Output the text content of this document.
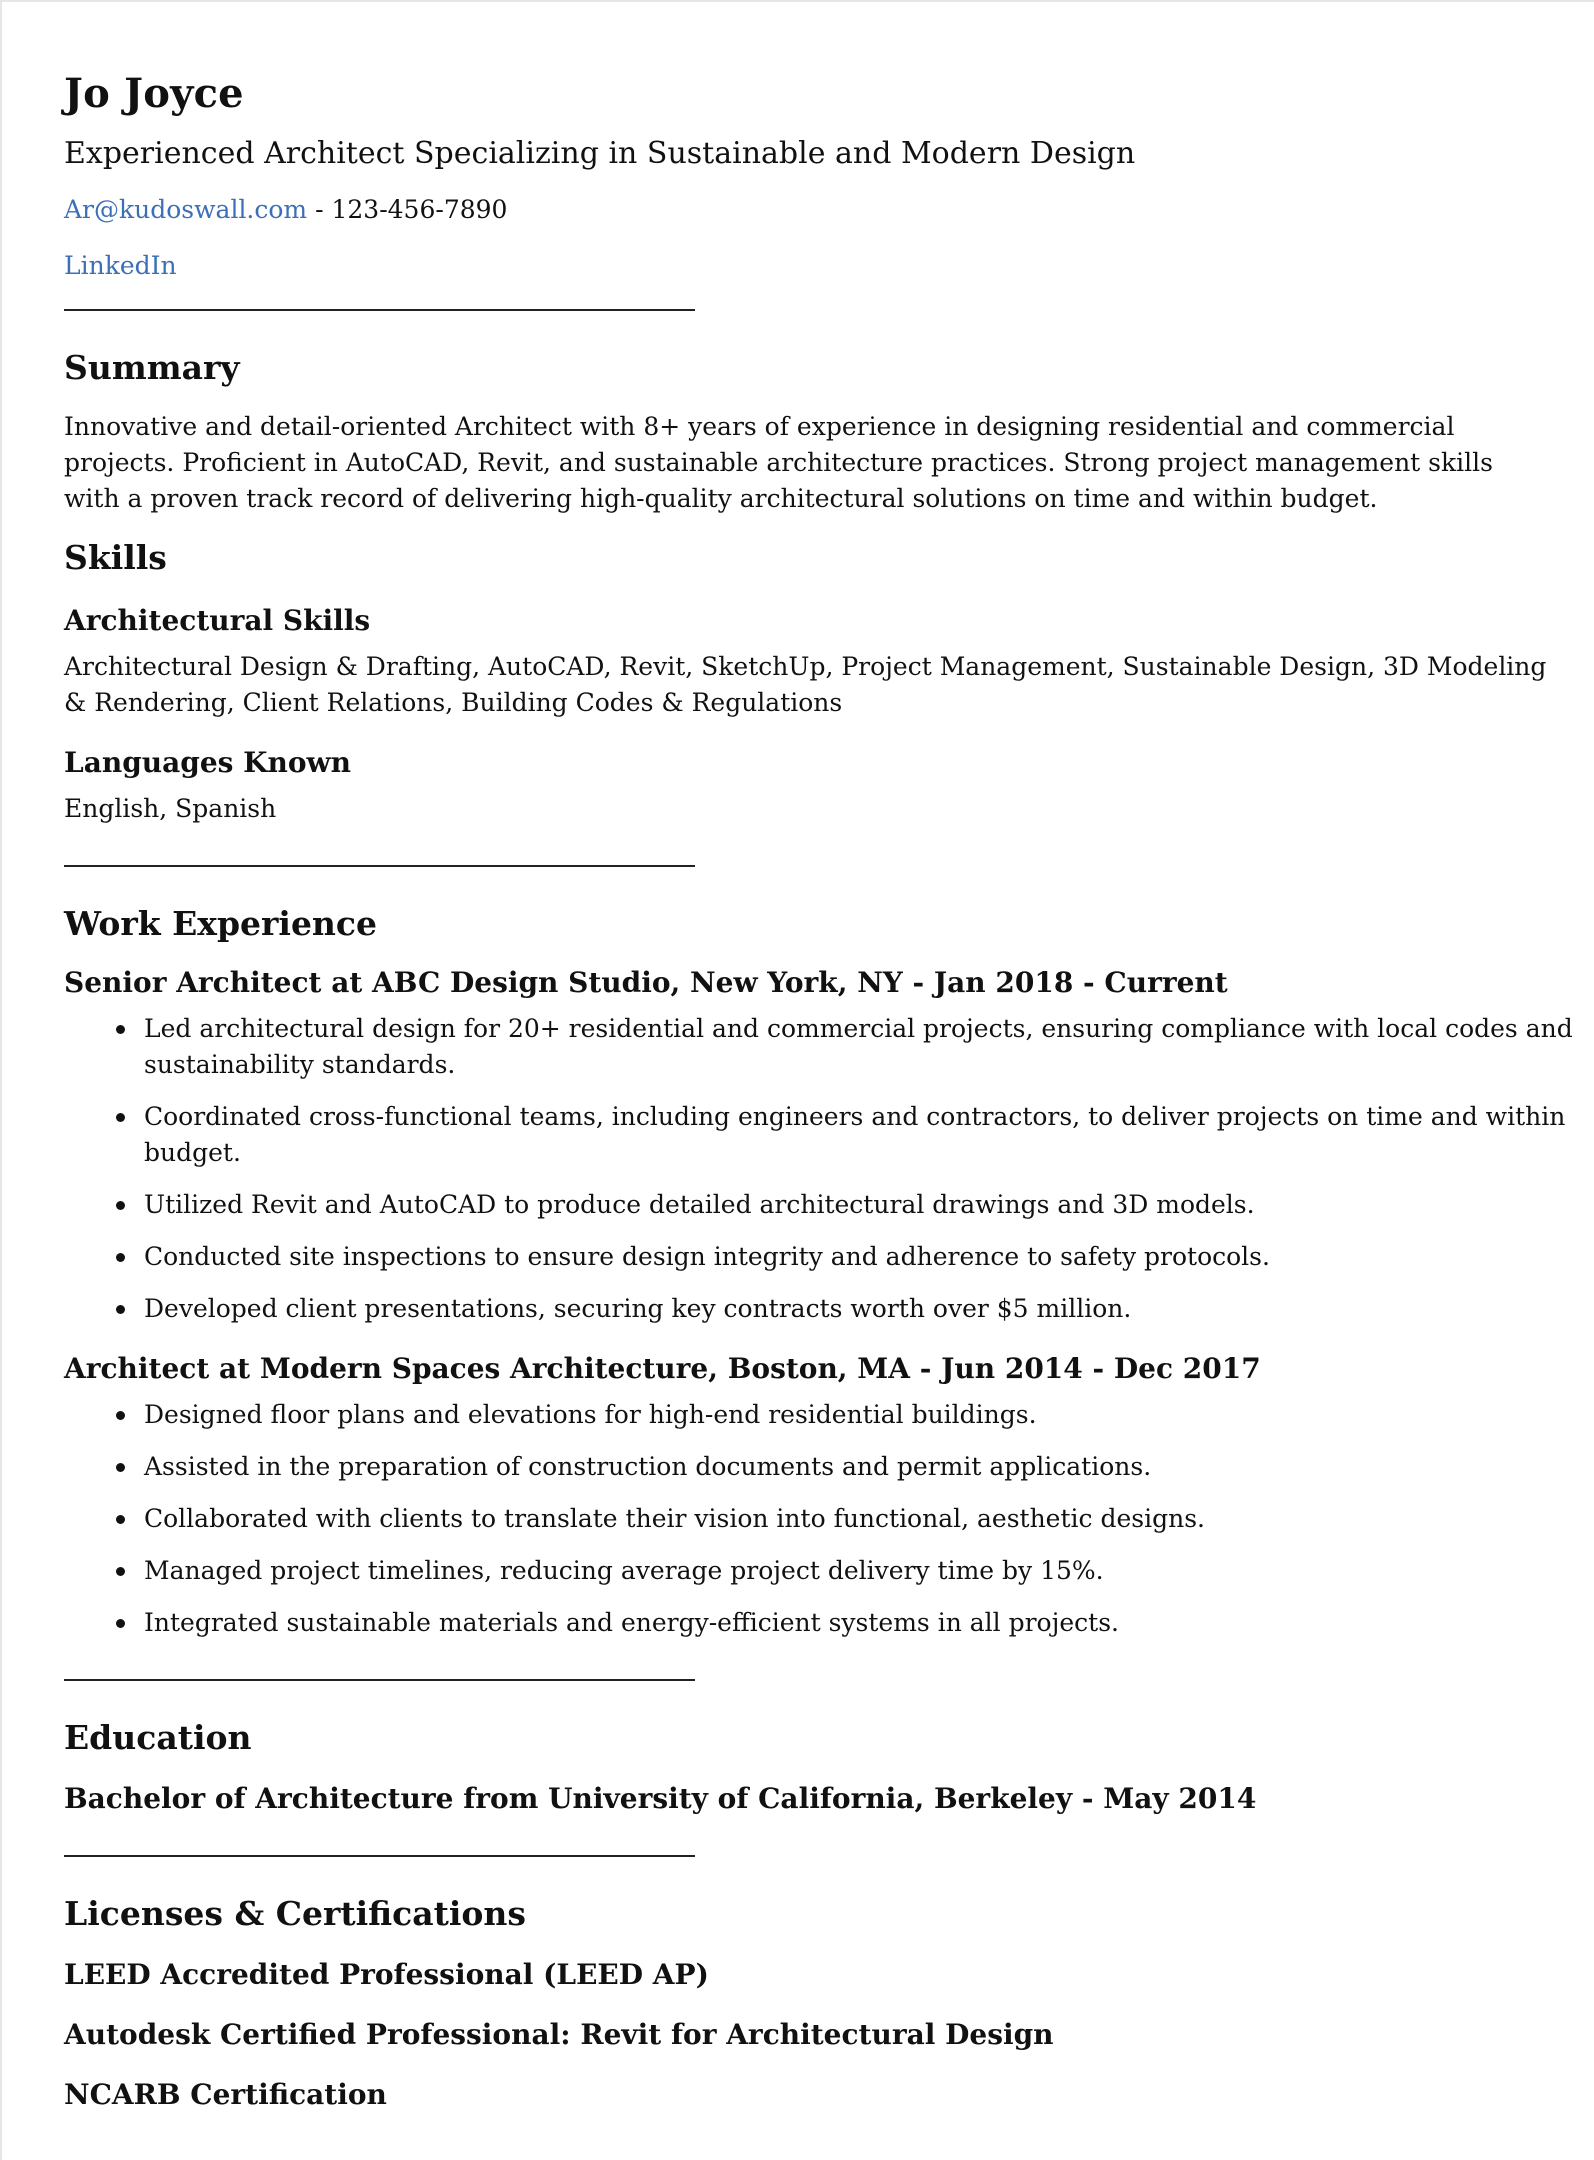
Jo Joyce
Experienced Architect Specializing in Sustainable and Modern Design
Ar@kudoswall.com - 123-456-7890
LinkedIn
Summary

Innovative and detail-oriented Architect with 8+ years of experience in designing residential and commercial projects. Proficient in AutoCAD, Revit, and sustainable architecture practices. Strong project management skills with a proven track record of delivering high-quality architectural solutions on time and within budget.

Skills
Architectural Skills

Architectural Design & Drafting, AutoCAD, Revit, SketchUp, Project Management, Sustainable Design, 3D Modeling & Rendering, Client Relations, Building Codes & Regulations

Languages Known

English, Spanish

Work Experience
Senior Architect at ABC Design Studio, New York, NY - Jan 2018 - Current
Led architectural design for 20+ residential and commercial projects, ensuring compliance with local codes and sustainability standards.
Coordinated cross-functional teams, including engineers and contractors, to deliver projects on time and within budget.
Utilized Revit and AutoCAD to produce detailed architectural drawings and 3D models.
Conducted site inspections to ensure design integrity and adherence to safety protocols.
Developed client presentations, securing key contracts worth over $5 million.
Architect at Modern Spaces Architecture, Boston, MA - Jun 2014 - Dec 2017
Designed floor plans and elevations for high-end residential buildings.
Assisted in the preparation of construction documents and permit applications.
Collaborated with clients to translate their vision into functional, aesthetic designs.
Managed project timelines, reducing average project delivery time by 15%.
Integrated sustainable materials and energy-efficient systems in all projects.
Education
Bachelor of Architecture from University of California, Berkeley - May 2014
Licenses & Certifications
LEED Accredited Professional (LEED AP)
Autodesk Certified Professional: Revit for Architectural Design
NCARB Certification
